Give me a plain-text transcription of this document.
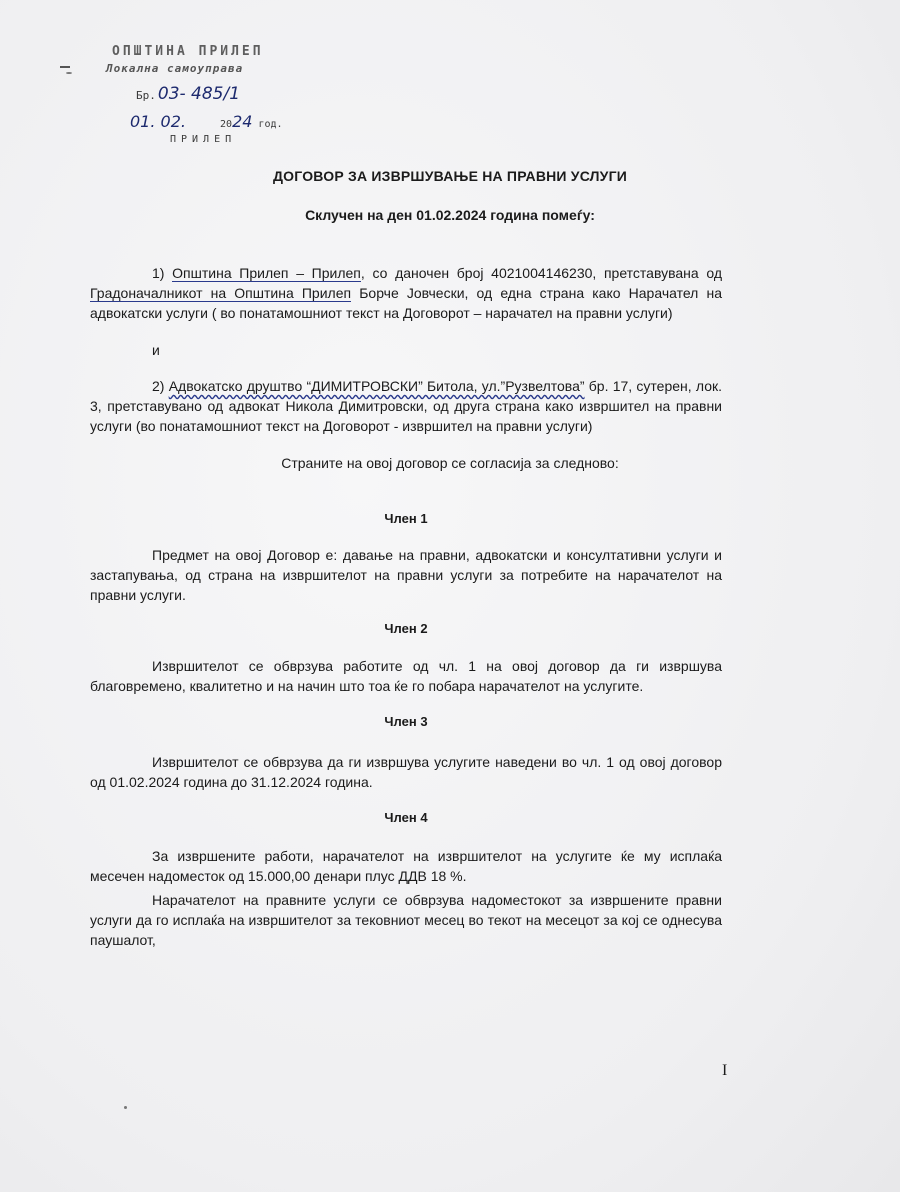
ОПШТИНА ПРИЛЕП
Локална самоуправа
Бр. 03- 485/1
01. 02.	2024 год.
ПРИЛЕП
ДОГОВОР ЗА ИЗВРШУВАЊЕ НА ПРАВНИ УСЛУГИ
Склучен на ден 01.02.2024 година помеѓу:

1) Општина Прилеп – Прилеп, со даночен број 4021004146230, претставувана од Градоначалникот на Општина Прилеп Борче Јовчески, од една страна како Нарачател на адвокатски услуги ( во понатамошниот текст на Договорот – нарачател на правни услуги)

и

2) Адвокатско друштво “ДИМИТРОВСКИ” Битола, ул.”Рузвелтова” бр. 17, сутерен, лок. 3, претставувано од адвокат Никола Димитровски, од друга страна како извршител на правни услуги (во понатамошниот текст на Договорот - извршител на правни услуги)

Страните на овој договор се согласија за следново:
Член 1

Предмет на овој Договор е: давање на правни, адвокатски и консултативни услуги и застапувања, од страна на извршителот на правни услуги за потребите на нарачателот на правни услуги.

Член 2

Извршителот се обврзува работите од чл. 1 на овој договор да ги извршува благовремено, квалитетно и на начин што тоа ќе го побара нарачателот на услугите.

Член 3

Извршителот се обврзува да ги извршува услугите наведени во чл. 1 од овој договор од 01.02.2024 година до 31.12.2024 година.

Член 4

За извршените работи, нарачателот на извршителот на услугите ќе му исплаќа месечен надоместок од 15.000,00 денари плус ДДВ 18 %.

Нарачателот на правните услуги се обврзува надоместокот за извршените правни услуги да го исплаќа на извршителот за тековниот месец во текот на месецот за кој се однесува паушалот,

I
